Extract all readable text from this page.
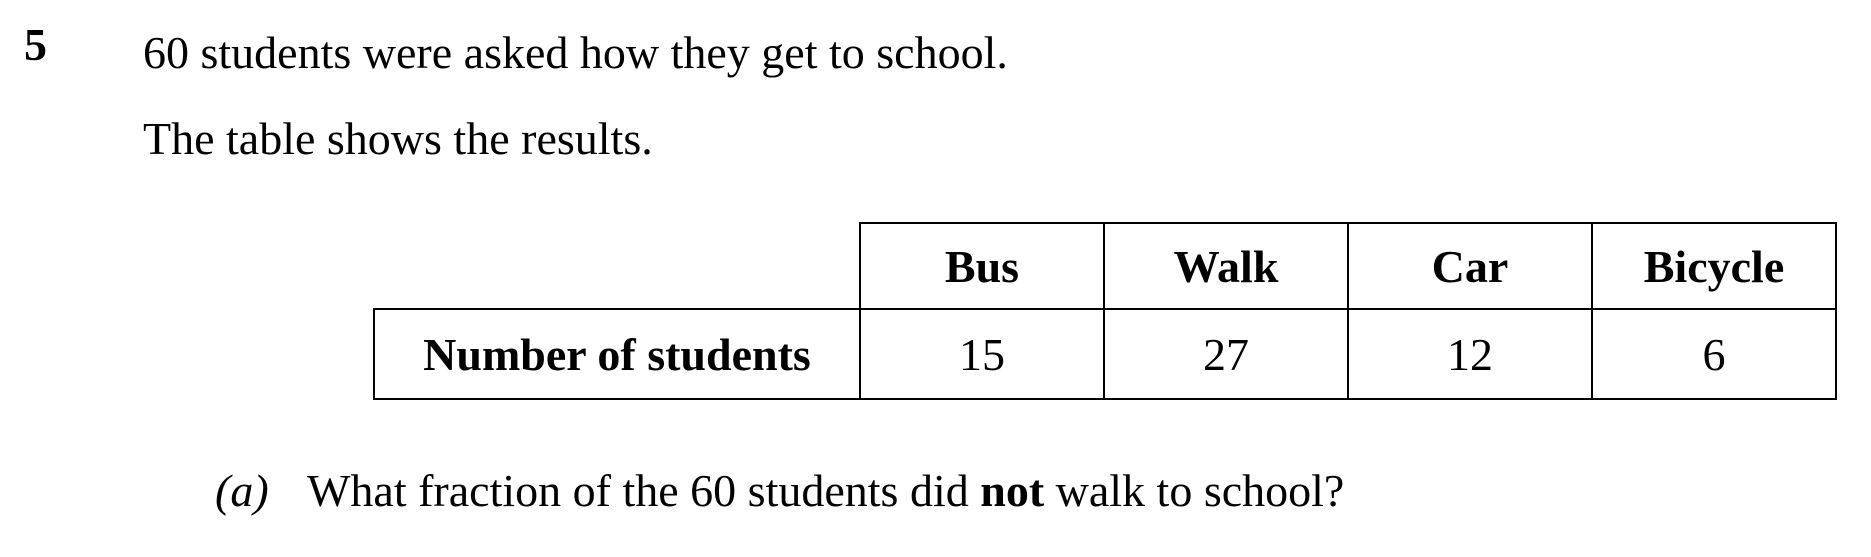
5 60 students were asked how they get to school.
The table shows the results.
	Bus	Walk	Car	Bicycle
Number of students	15	27	12	6
(a) What fraction of the 60 students did not walk to school?
